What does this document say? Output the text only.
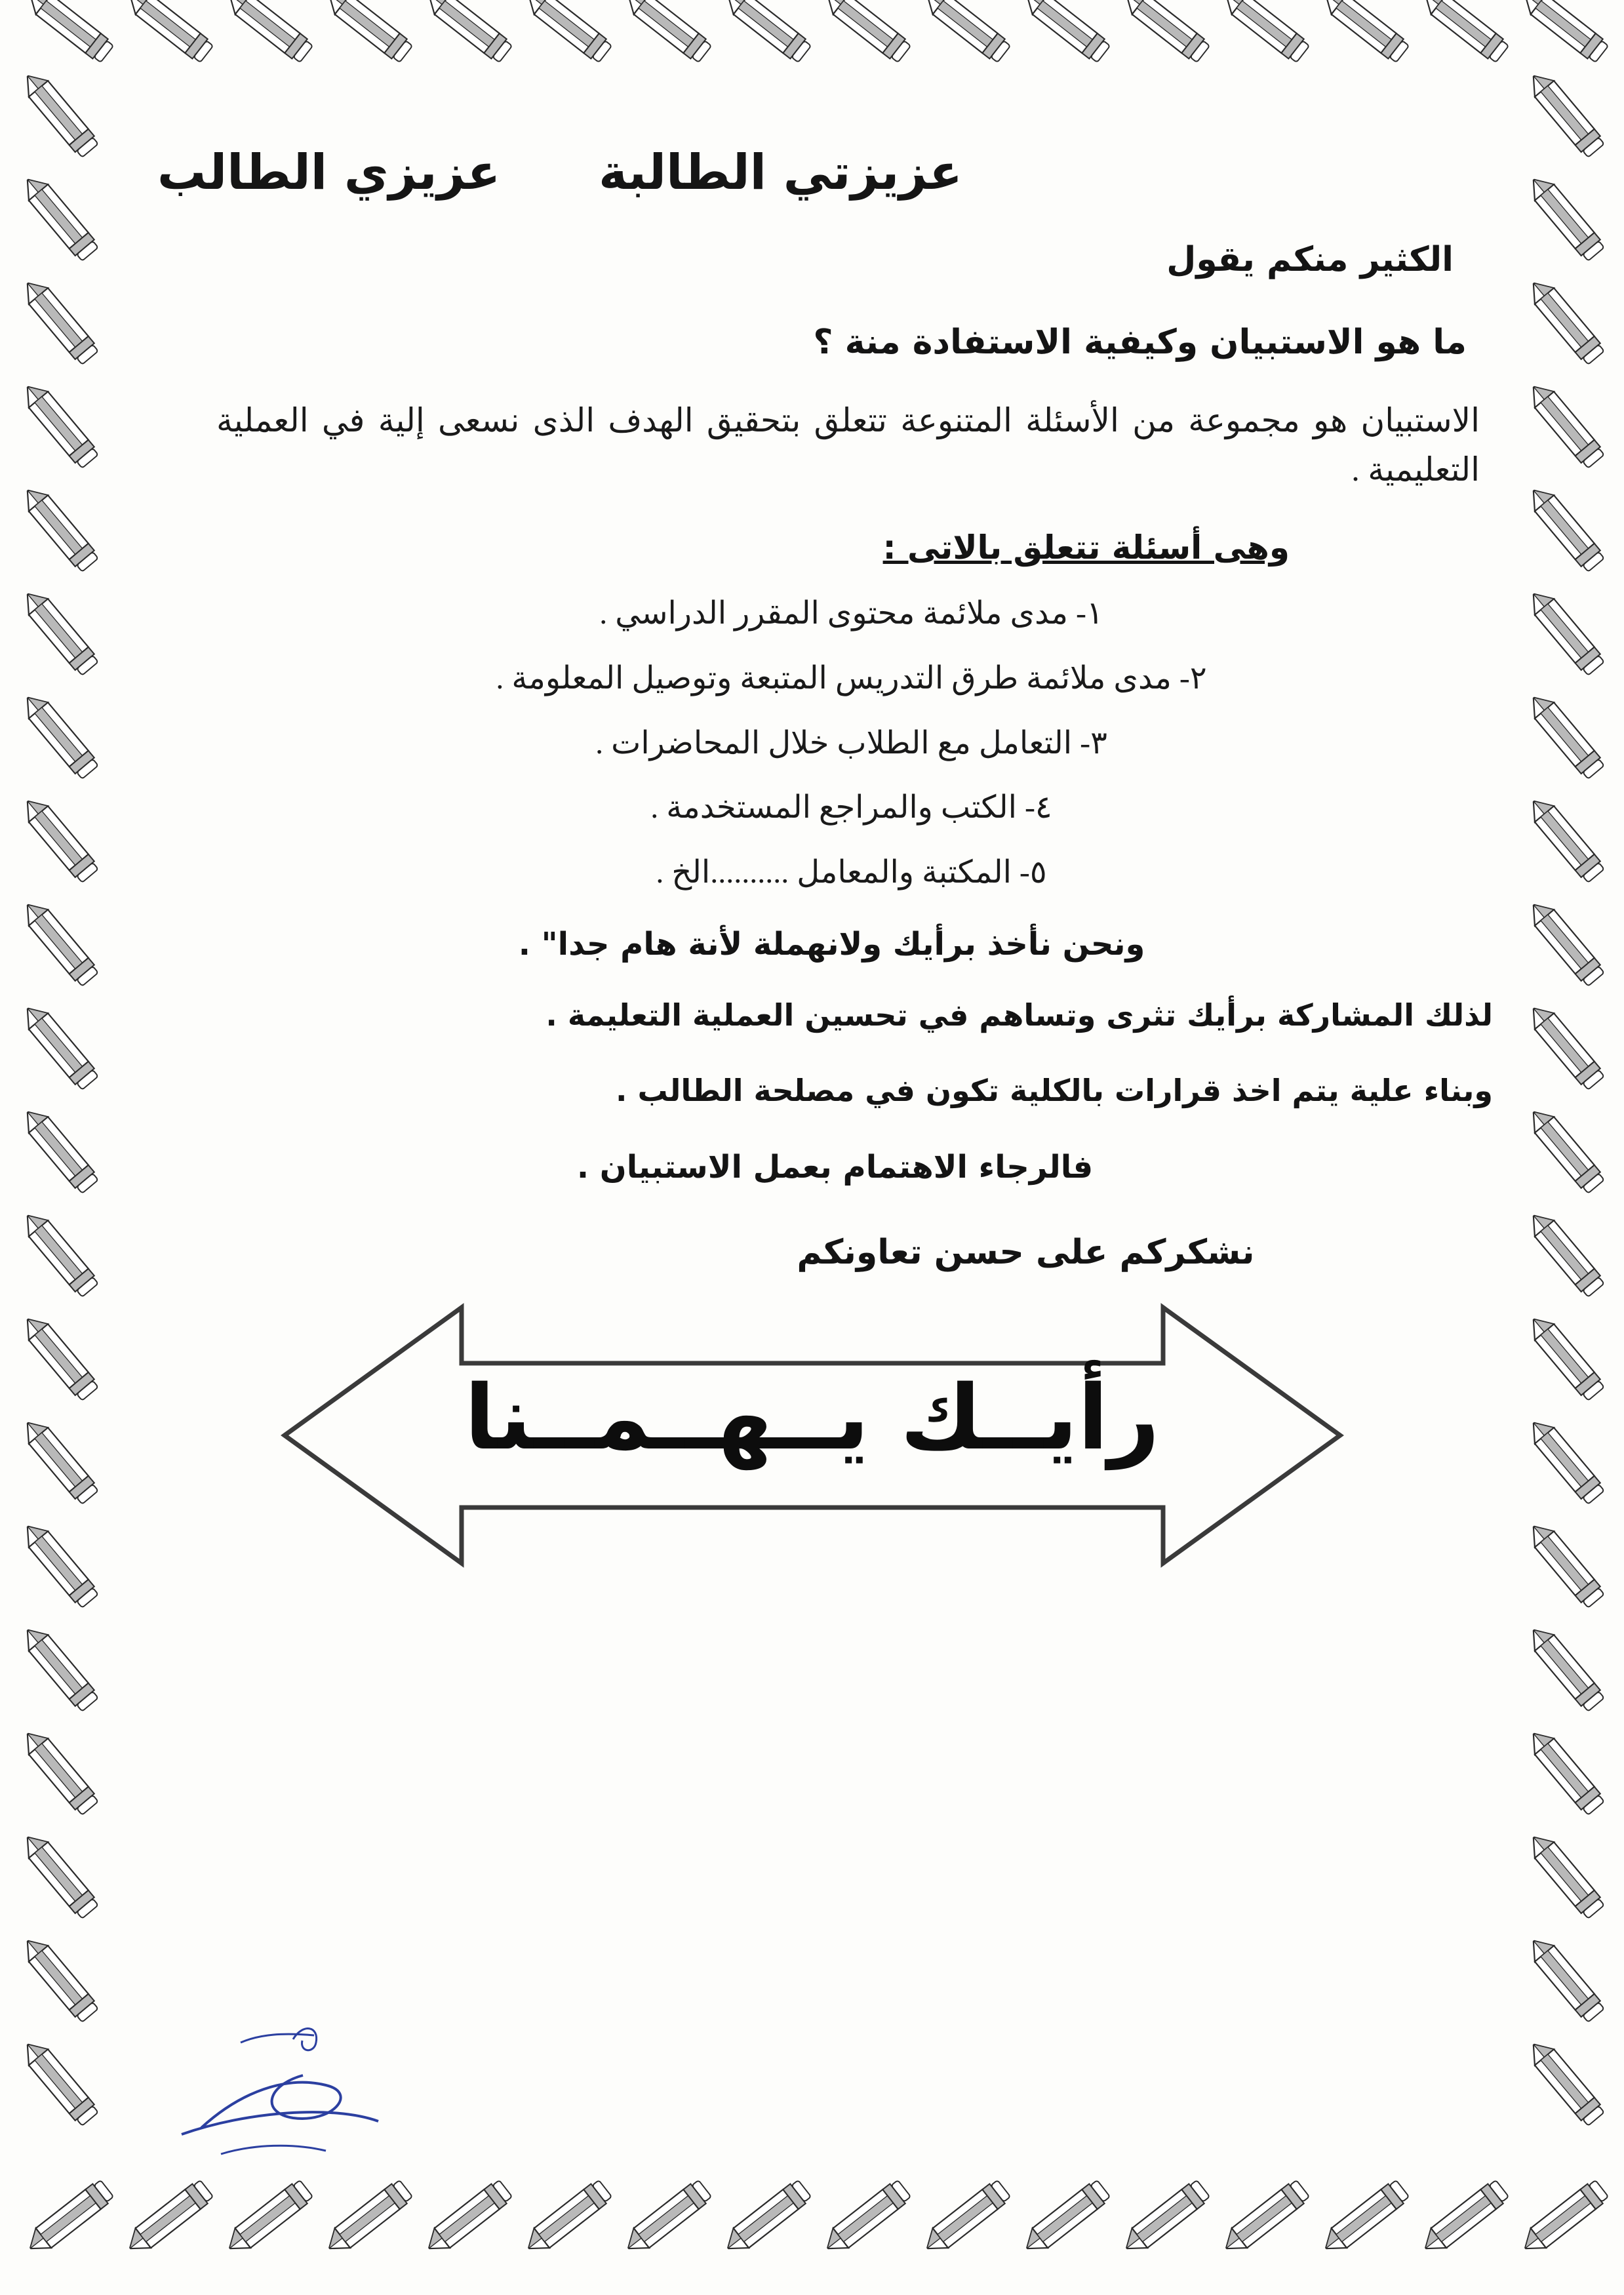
عزيزي الطالب عزيزتي الطالبة
الكثير منكم يقول
ما هو الاستبيان وكيفية الاستفادة منة ؟
الاستبيان هو مجموعة من الأسئلة المتنوعة تتعلق بتحقيق الهدف الذى نسعى إلية في العملية التعليمية .
وهى أسئلة تتعلق بالاتى :
١- مدى ملائمة محتوى المقرر الدراسي .
٢- مدى ملائمة طرق التدريس المتبعة وتوصيل المعلومة .
٣- التعامل مع الطلاب خلال المحاضرات .
٤- الكتب والمراجع المستخدمة .
٥- المكتبة والمعامل ..........الخ .
ونحن نأخذ برأيك ولانهملة لأنة هام جدا" .
لذلك المشاركة برأيك تثرى وتساهم في تحسين العملية التعليمة .
وبناء علية يتم اخذ قرارات بالكلية تكون في مصلحة الطالب .
فالرجاء الاهتمام بعمل الاستبيان .
نشكركم على حسن تعاونكم
رأيــك يــهــمــنا
